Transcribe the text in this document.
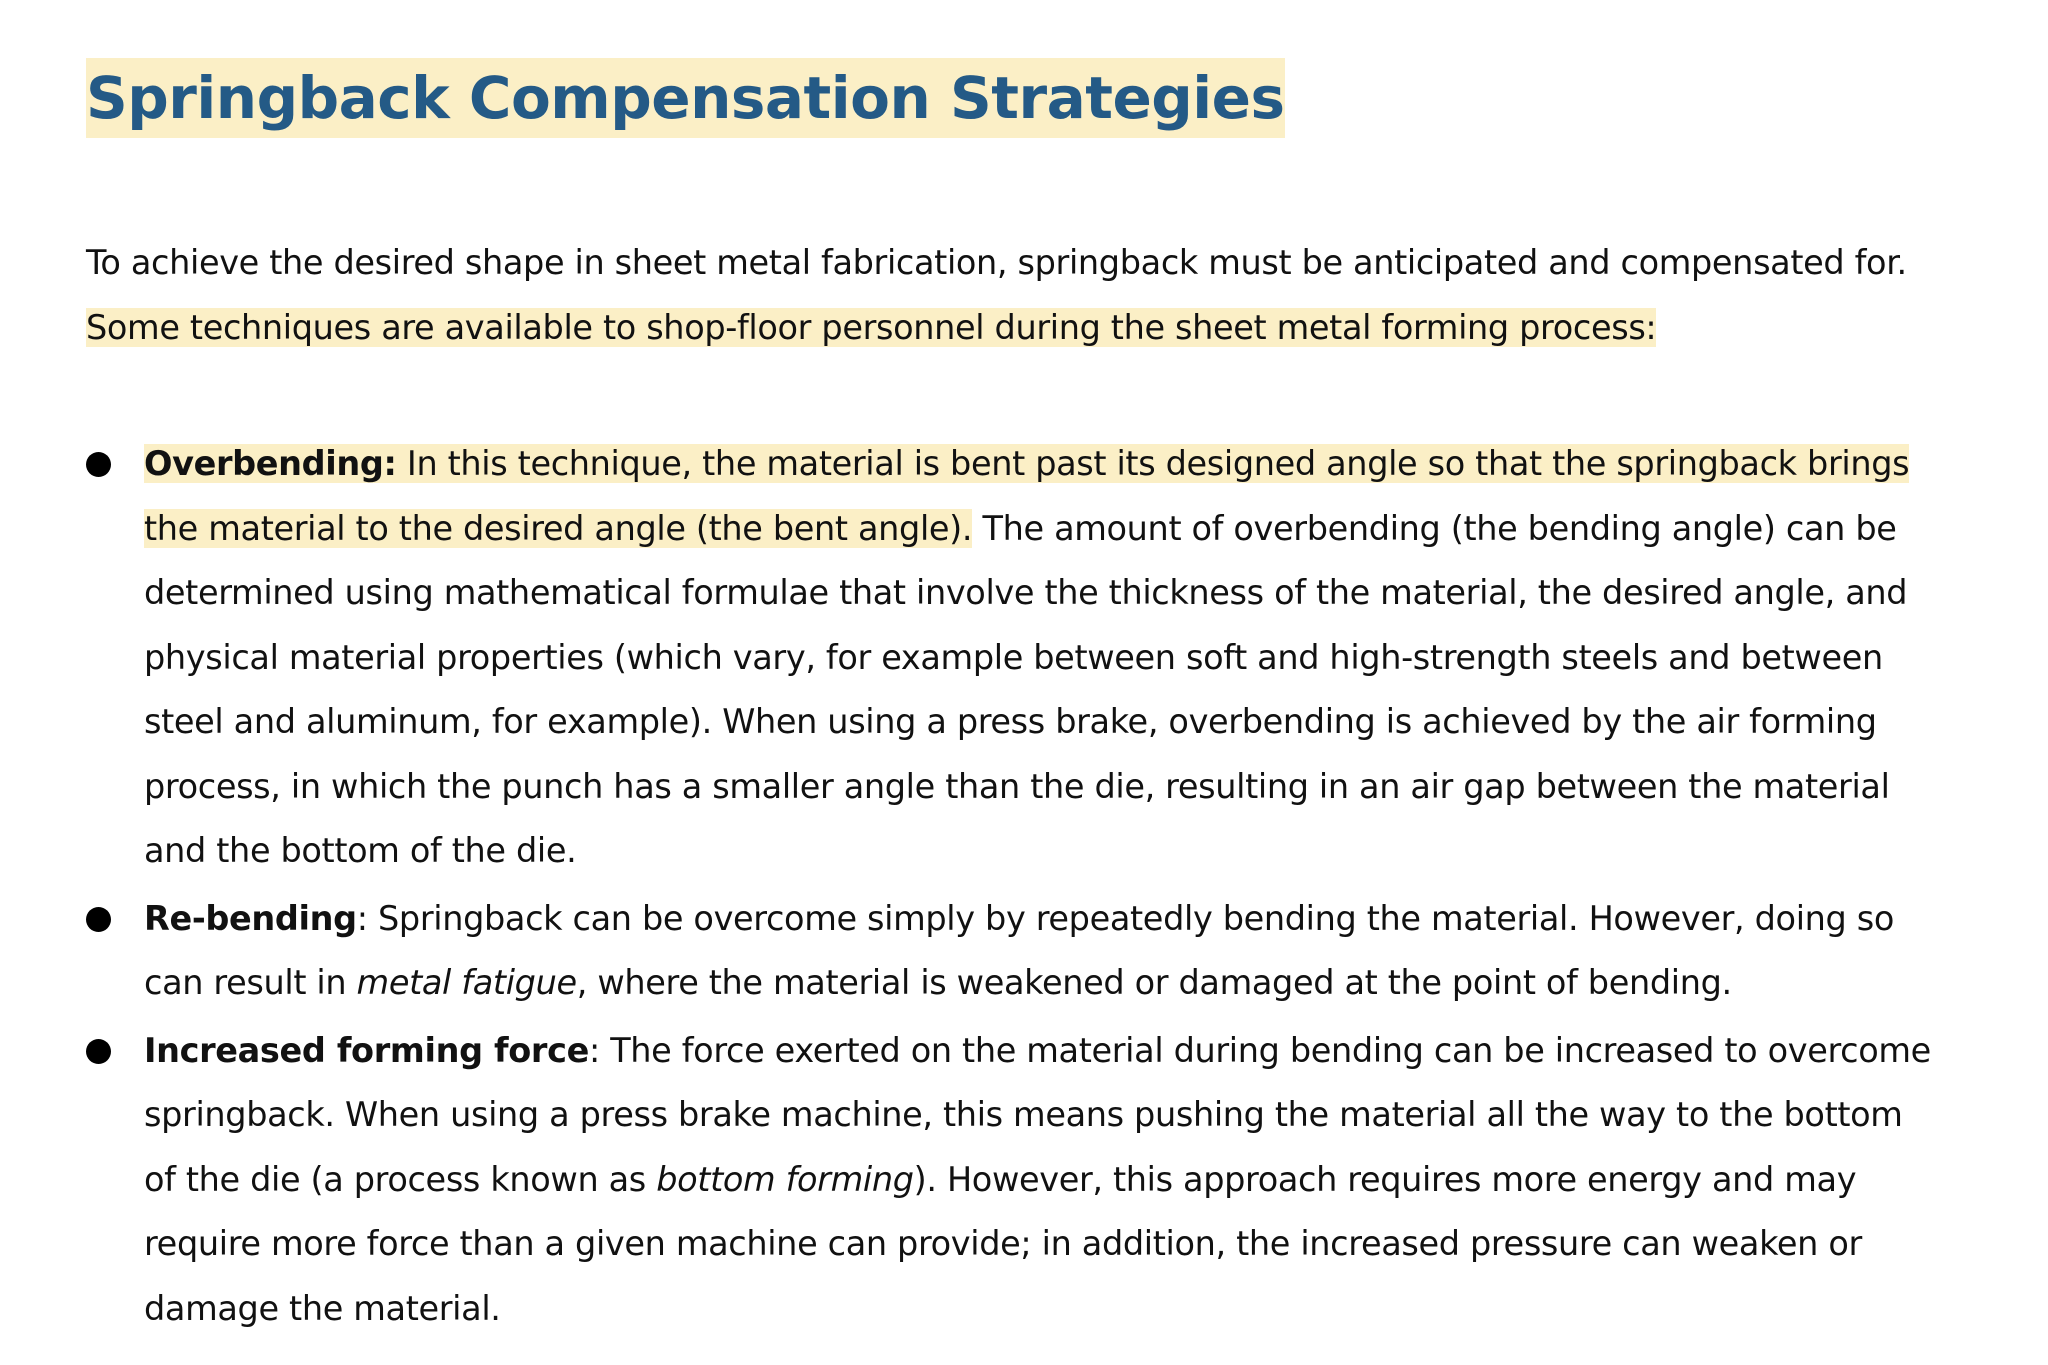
Springback Compensation Strategies

To achieve the desired shape in sheet metal fabrication, springback must be anticipated and compensated for.
Some techniques are available to shop-floor personnel during the sheet metal forming process:

Overbending: In this technique, the material is bent past its designed angle so that the springback brings
the material to the desired angle (the bent angle). The amount of overbending (the bending angle) can be
determined using mathematical formulae that involve the thickness of the material, the desired angle, and
physical material properties (which vary, for example between soft and high-strength steels and between
steel and aluminum, for example). When using a press brake, overbending is achieved by the air forming
process, in which the punch has a smaller angle than the die, resulting in an air gap between the material
and the bottom of the die.
Re-bending: Springback can be overcome simply by repeatedly bending the material. However, doing so
can result in metal fatigue, where the material is weakened or damaged at the point of bending.
Increased forming force: The force exerted on the material during bending can be increased to overcome
springback. When using a press brake machine, this means pushing the material all the way to the bottom
of the die (a process known as bottom forming). However, this approach requires more energy and may
require more force than a given machine can provide; in addition, the increased pressure can weaken or
damage the material.
